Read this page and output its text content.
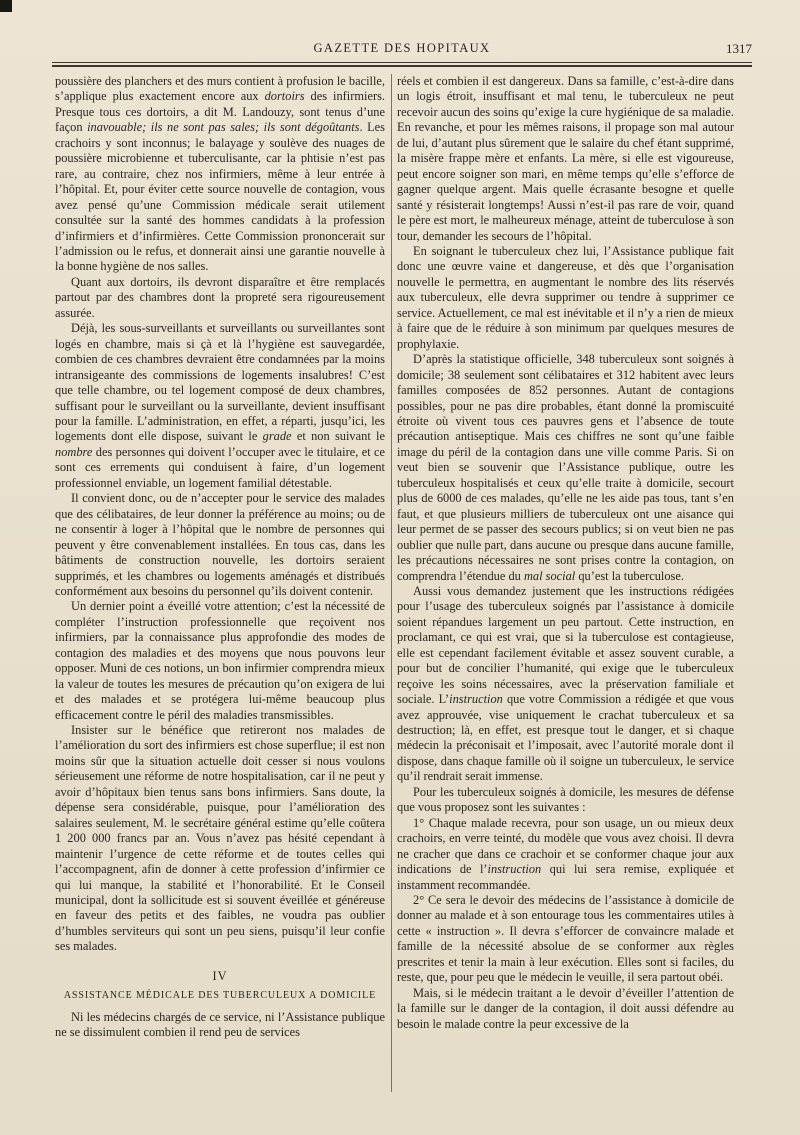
GAZETTE DES HOPITAUX	1317

poussière des planchers et des murs contient à profusion le bacille, s’applique plus exactement encore aux dortoirs des infirmiers. Presque tous ces dortoirs, a dit M. Landouzy, sont tenus d’une façon inavouable; ils ne sont pas sales; ils sont dégoûtants. Les crachoirs y sont inconnus; le balayage y soulève des nuages de poussière microbienne et tuberculisante, car la phtisie n’est pas rare, au contraire, chez nos infirmiers, même à leur entrée à l’hôpital. Et, pour éviter cette source nouvelle de contagion, vous avez pensé qu’une Commission médicale serait utilement consultée sur la santé des hommes candidats à la profession d’infirmiers et d’infirmières. Cette Commission prononcerait sur l’admission ou le refus, et donnerait ainsi une garantie nouvelle à la bonne hygiène de nos salles.

Quant aux dortoirs, ils devront disparaître et être remplacés partout par des chambres dont la propreté sera rigoureusement assurée.

Déjà, les sous-surveillants et surveillants ou surveillantes sont logés en chambre, mais si çà et là l’hygiène est sauvegardée, combien de ces chambres devraient être condamnées par la moins intransigeante des commissions de logements insalubres! C’est que telle chambre, ou tel logement composé de deux chambres, suffisant pour le surveillant ou la surveillante, devient insuffisant pour la famille. L’administration, en effet, a réparti, jusqu’ici, les logements dont elle dispose, suivant le grade et non suivant le nombre des personnes qui doivent l’occuper avec le titulaire, et ce sont ces errements qui conduisent à faire, d’un logement professionnel enviable, un logement familial détestable.

Il convient donc, ou de n’accepter pour le service des malades que des célibataires, de leur donner la préférence au moins; ou de ne consentir à loger à l’hôpital que le nombre de personnes qui peuvent y être convenablement installées. En tous cas, dans les bâtiments de construction nouvelle, les dortoirs seraient supprimés, et les chambres ou logements aménagés et distribués conformément aux besoins du personnel qu’ils doivent contenir.

Un dernier point a éveillé votre attention; c’est la nécessité de compléter l’instruction professionnelle que reçoivent nos infirmiers, par la connaissance plus approfondie des modes de contagion des maladies et des moyens que nous pouvons leur opposer. Muni de ces notions, un bon infirmier comprendra mieux la valeur de toutes les mesures de précaution qu’on exigera de lui et des malades et se protégera lui-même beaucoup plus efficacement contre le péril des maladies transmissibles.

Insister sur le bénéfice que retireront nos malades de l’amélioration du sort des infirmiers est chose superflue; il est non moins sûr que la situation actuelle doit cesser si nous voulons sérieusement une réforme de notre hospitalisation, car il ne peut y avoir d’hôpitaux bien tenus sans bons infirmiers. Sans doute, la dépense sera considérable, puisque, pour l’amélioration des salaires seulement, M. le secrétaire général estime qu’elle coûtera 1 200 000 francs par an. Vous n’avez pas hésité cependant à maintenir l’urgence de cette réforme et de toutes celles qui l’accompagnent, afin de donner à cette profession d’infirmier ce qui lui manque, la stabilité et l’honorabilité. Et le Conseil municipal, dont la sollicitude est si souvent éveillée et généreuse en faveur des petits et des faibles, ne voudra pas oublier d’humbles serviteurs qui sont un peu siens, puisqu’il leur confie ses malades.

IV
ASSISTANCE MÉDICALE DES TUBERCULEUX A DOMICILE

Ni les médecins chargés de ce service, ni l’Assistance publique ne se dissimulent combien il rend peu de services

réels et combien il est dangereux. Dans sa famille, c’est-à-dire dans un logis étroit, insuffisant et mal tenu, le tuberculeux ne peut recevoir aucun des soins qu’exige la cure hygiénique de sa maladie. En revanche, et pour les mêmes raisons, il propage son mal autour de lui, d’autant plus sûrement que le salaire du chef étant supprimé, la misère frappe mère et enfants. La mère, si elle est vigoureuse, peut encore soigner son mari, en même temps qu’elle s’efforce de gagner quelque argent. Mais quelle écrasante besogne et quelle santé y résisterait longtemps! Aussi n’est-il pas rare de voir, quand le père est mort, le malheureux ménage, atteint de tuberculose à son tour, demander les secours de l’hôpital.

En soignant le tuberculeux chez lui, l’Assistance publique fait donc une œuvre vaine et dangereuse, et dès que l’organisation nouvelle le permettra, en augmentant le nombre des lits réservés aux tuberculeux, elle devra supprimer ou tendre à supprimer ce service. Actuellement, ce mal est inévitable et il n’y a rien de mieux à faire que de le réduire à son minimum par quelques mesures de prophylaxie.

D’après la statistique officielle, 348 tuberculeux sont soignés à domicile; 38 seulement sont célibataires et 312 habitent avec leurs familles composées de 852 personnes. Autant de contagions possibles, pour ne pas dire probables, étant donné la promiscuité étroite où vivent tous ces pauvres gens et l’absence de toute précaution antiseptique. Mais ces chiffres ne sont qu’une faible image du péril de la contagion dans une ville comme Paris. Si on veut bien se souvenir que l’Assistance publique, outre les tuberculeux hospitalisés et ceux qu’elle traite à domicile, secourt plus de 6000 de ces malades, qu’elle ne les aide pas tous, tant s’en faut, et que plusieurs milliers de tuberculeux ont une aisance qui leur permet de se passer des secours publics; si on veut bien ne pas oublier que nulle part, dans aucune ou presque dans aucune famille, les précautions nécessaires ne sont prises contre la contagion, on comprendra l’étendue du mal social qu’est la tuberculose.

Aussi vous demandez justement que les instructions rédigées pour l’usage des tuberculeux soignés par l’assistance à domicile soient répandues largement un peu partout. Cette instruction, en proclamant, ce qui est vrai, que si la tuberculose est contagieuse, elle est cependant facilement évitable et assez souvent curable, a pour but de concilier l’humanité, qui exige que le tuberculeux reçoive les soins nécessaires, avec la préservation familiale et sociale. L’instruction que votre Commission a rédigée et que vous avez approuvée, vise uniquement le crachat tuberculeux et sa destruction; là, en effet, est presque tout le danger, et si chaque médecin la préconisait et l’imposait, avec l’autorité morale dont il dispose, dans chaque famille où il soigne un tuberculeux, le service qu’il rendrait serait immense.

Pour les tuberculeux soignés à domicile, les mesures de défense que vous proposez sont les suivantes :

1° Chaque malade recevra, pour son usage, un ou mieux deux crachoirs, en verre teinté, du modèle que vous avez choisi. Il devra ne cracher que dans ce crachoir et se conformer chaque jour aux indications de l’instruction qui lui sera remise, expliquée et instamment recommandée.

2° Ce sera le devoir des médecins de l’assistance à domicile de donner au malade et à son entourage tous les commentaires utiles à cette « instruction ». Il devra s’efforcer de convaincre malade et famille de la nécessité absolue de se conformer aux règles prescrites et tenir la main à leur exécution. Elles sont si faciles, du reste, que, pour peu que le médecin le veuille, il sera partout obéi.

Mais, si le médecin traitant a le devoir d’éveiller l’attention de la famille sur le danger de la contagion, il doit aussi défendre au besoin le malade contre la peur excessive de la
